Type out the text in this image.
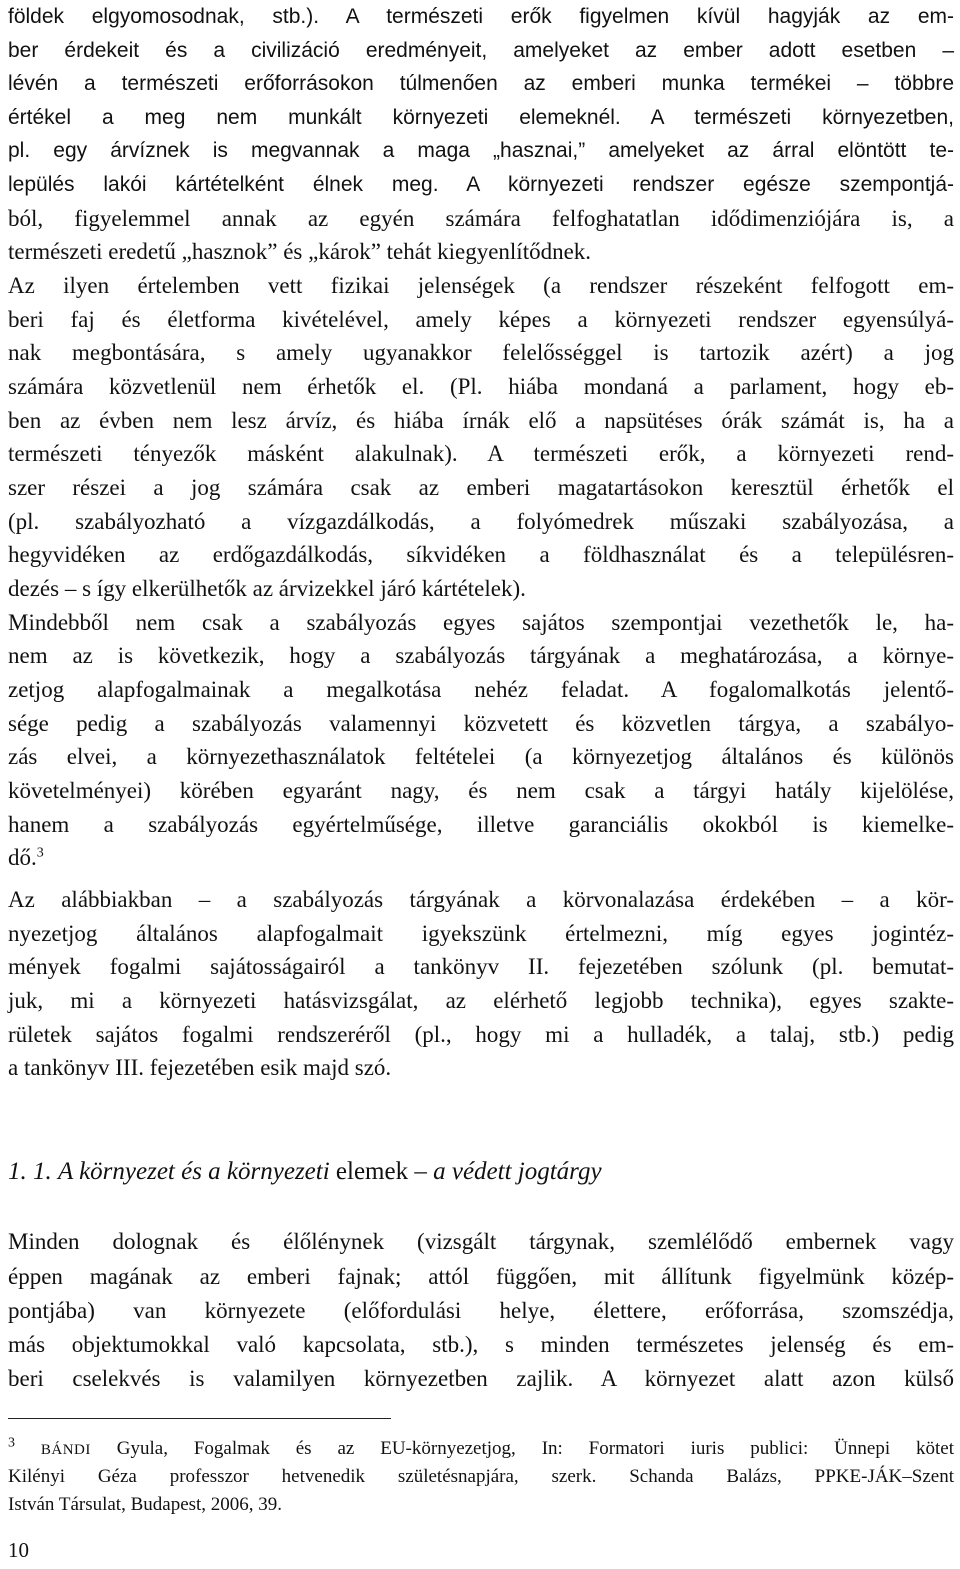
földek elgyomosodnak, stb.). A természeti erők figyelmen kívül hagyják az em-
ber érdekeit és a civilizáció eredményeit, amelyeket az ember adott esetben –
lévén a természeti erőforrásokon túlmenően az emberi munka termékei – többre
értékel a meg nem munkált környezeti elemeknél. A természeti környezetben,
pl. egy árvíznek is megvannak a maga „hasznai,” amelyeket az árral elöntött te-
lepülés lakói kártételként élnek meg. A környezeti rendszer egésze szempontjá-
ból, figyelemmel annak az egyén számára felfoghatatlan idődimenziójára is, a
természeti eredetű „hasznok” és „károk” tehát kiegyenlítődnek.
Az ilyen értelemben vett fizikai jelenségek (a rendszer részeként felfogott em-
beri faj és életforma kivételével, amely képes a környezeti rendszer egyensúlyá-
nak megbontására, s amely ugyanakkor felelősséggel is tartozik azért) a jog
számára közvetlenül nem érhetők el. (Pl. hiába mondaná a parlament, hogy eb-
ben az évben nem lesz árvíz, és hiába írnák elő a napsütéses órák számát is, ha a
természeti tényezők másként alakulnak). A természeti erők, a környezeti rend-
szer részei a jog számára csak az emberi magatartásokon keresztül érhetők el
(pl. szabályozható a vízgazdálkodás, a folyómedrek műszaki szabályozása, a
hegyvidéken az erdőgazdálkodás, síkvidéken a földhasználat és a településren-
dezés – s így elkerülhetők az árvizekkel járó kártételek).
Mindebből nem csak a szabályozás egyes sajátos szempontjai vezethetők le, ha-
nem az is következik, hogy a szabályozás tárgyának a meghatározása, a környe-
zetjog alapfogalmainak a megalkotása nehéz feladat. A fogalomalkotás jelentő-
sége pedig a szabályozás valamennyi közvetett és közvetlen tárgya, a szabályo-
zás elvei, a környezethasználatok feltételei (a környezetjog általános és különös
követelményei) körében egyaránt nagy, és nem csak a tárgyi hatály kijelölése,
hanem a szabályozás egyértelműsége, illetve garanciális okokból is kiemelke-
dő.$^3$
Az alábbiakban – a szabályozás tárgyának a körvonalazása érdekében – a kör-
nyezetjog általános alapfogalmait igyekszünk értelmezni, míg egyes jogintéz-
mények fogalmi sajátosságairól a tankönyv II. fejezetében szólunk (pl. bemutat-
juk, mi a környezeti hatásvizsgálat, az elérhető legjobb technika), egyes szakte-
rületek sajátos fogalmi rendszeréről (pl., hogy mi a hulladék, a talaj, stb.) pedig
a tankönyv III. fejezetében esik majd szó.
1. 1. A környezet és a környezeti elemek – a védett jogtárgy
Minden dolognak és élőlénynek (vizsgált tárgynak, szemlélődő embernek vagy
éppen magának az emberi fajnak; attól függően, mit állítunk figyelmünk közép-
pontjába) van környezete (előfordulási helye, élettere, erőforrása, szomszédja,
más objektumokkal való kapcsolata, stb.), s minden természetes jelenség és em-
beri cselekvés is valamilyen környezetben zajlik. A környezet alatt azon külső
$^3$ BÁNDI Gyula, Fogalmak és az EU-környezetjog, In: Formatori iuris publici: Ünnepi kötet
Kilényi Géza professzor hetvenedik születésnapjára, szerk. Schanda Balázs, PPKE-JÁK–Szent
István Társulat, Budapest, 2006, 39.
10
